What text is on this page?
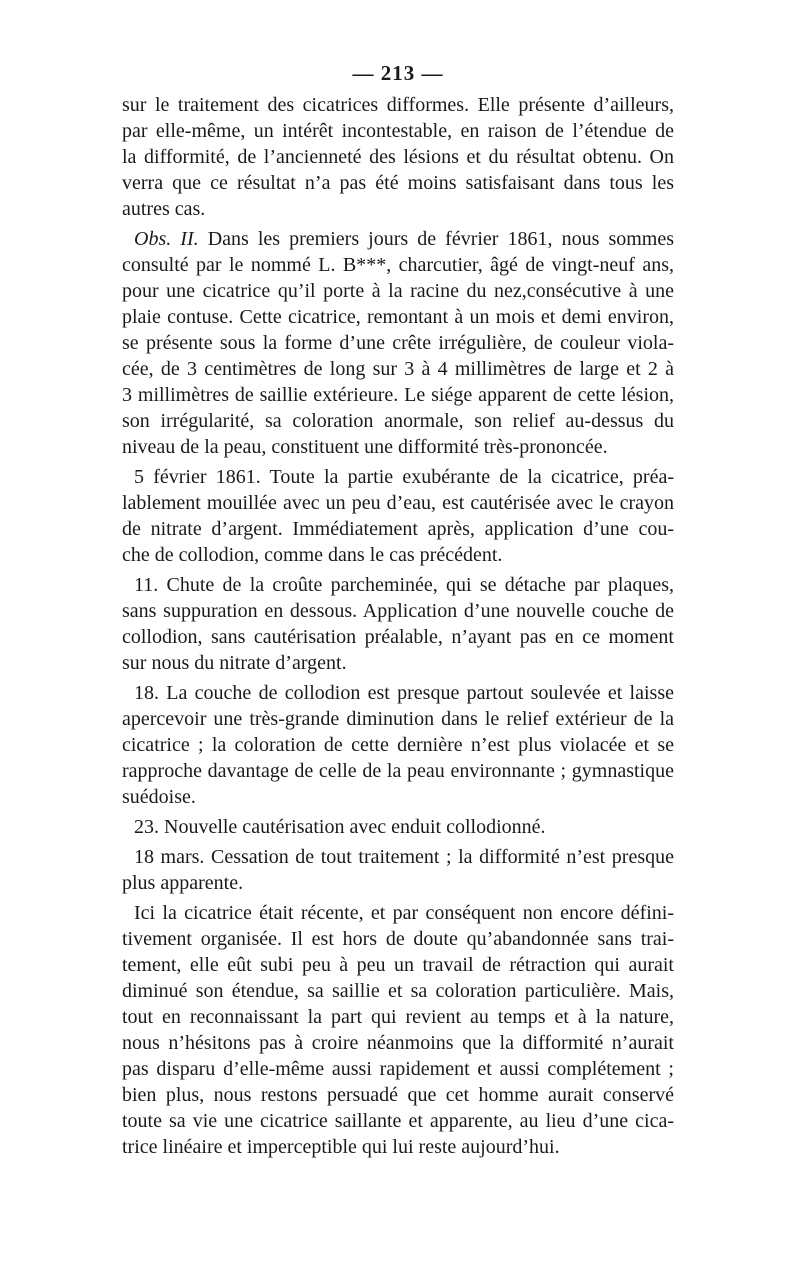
— 213 —
sur le traitement des cicatrices difformes. Elle présente d’ailleurs,
par elle-même, un intérêt incontestable, en raison de l’étendue de
la difformité, de l’ancienneté des lésions et du résultat obtenu. On
verra que ce résultat n’a pas été moins satisfaisant dans tous les
autres cas.
Obs. II. Dans les premiers jours de février 1861, nous sommes
consulté par le nommé L. B***, charcutier, âgé de vingt-neuf ans,
pour une cicatrice qu’il porte à la racine du nez,consécutive à une
plaie contuse. Cette cicatrice, remontant à un mois et demi environ,
se présente sous la forme d’une crête irrégulière, de couleur viola-
cée, de 3 centimètres de long sur 3 à 4 millimètres de large et 2 à
3 millimètres de saillie extérieure. Le siége apparent de cette lésion,
son irrégularité, sa coloration anormale, son relief au-dessus du
niveau de la peau, constituent une difformité très-prononcée.
5 février 1861. Toute la partie exubérante de la cicatrice, préa-
lablement mouillée avec un peu d’eau, est cautérisée avec le crayon
de nitrate d’argent. Immédiatement après, application d’une cou-
che de collodion, comme dans le cas précédent.
11. Chute de la croûte parcheminée, qui se détache par plaques,
sans suppuration en dessous. Application d’une nouvelle couche de
collodion, sans cautérisation préalable, n’ayant pas en ce moment
sur nous du nitrate d’argent.
18. La couche de collodion est presque partout soulevée et laisse
apercevoir une très-grande diminution dans le relief extérieur de la
cicatrice ; la coloration de cette dernière n’est plus violacée et se
rapproche davantage de celle de la peau environnante ; gymnastique
suédoise.
23. Nouvelle cautérisation avec enduit collodionné.
18 mars. Cessation de tout traitement ; la difformité n’est presque
plus apparente.
Ici la cicatrice était récente, et par conséquent non encore défini-
tivement organisée. Il est hors de doute qu’abandonnée sans trai-
tement, elle eût subi peu à peu un travail de rétraction qui aurait
diminué son étendue, sa saillie et sa coloration particulière. Mais,
tout en reconnaissant la part qui revient au temps et à la nature,
nous n’hésitons pas à croire néanmoins que la difformité n’aurait
pas disparu d’elle-même aussi rapidement et aussi complétement ;
bien plus, nous restons persuadé que cet homme aurait conservé
toute sa vie une cicatrice saillante et apparente, au lieu d’une cica-
trice linéaire et imperceptible qui lui reste aujourd’hui.
